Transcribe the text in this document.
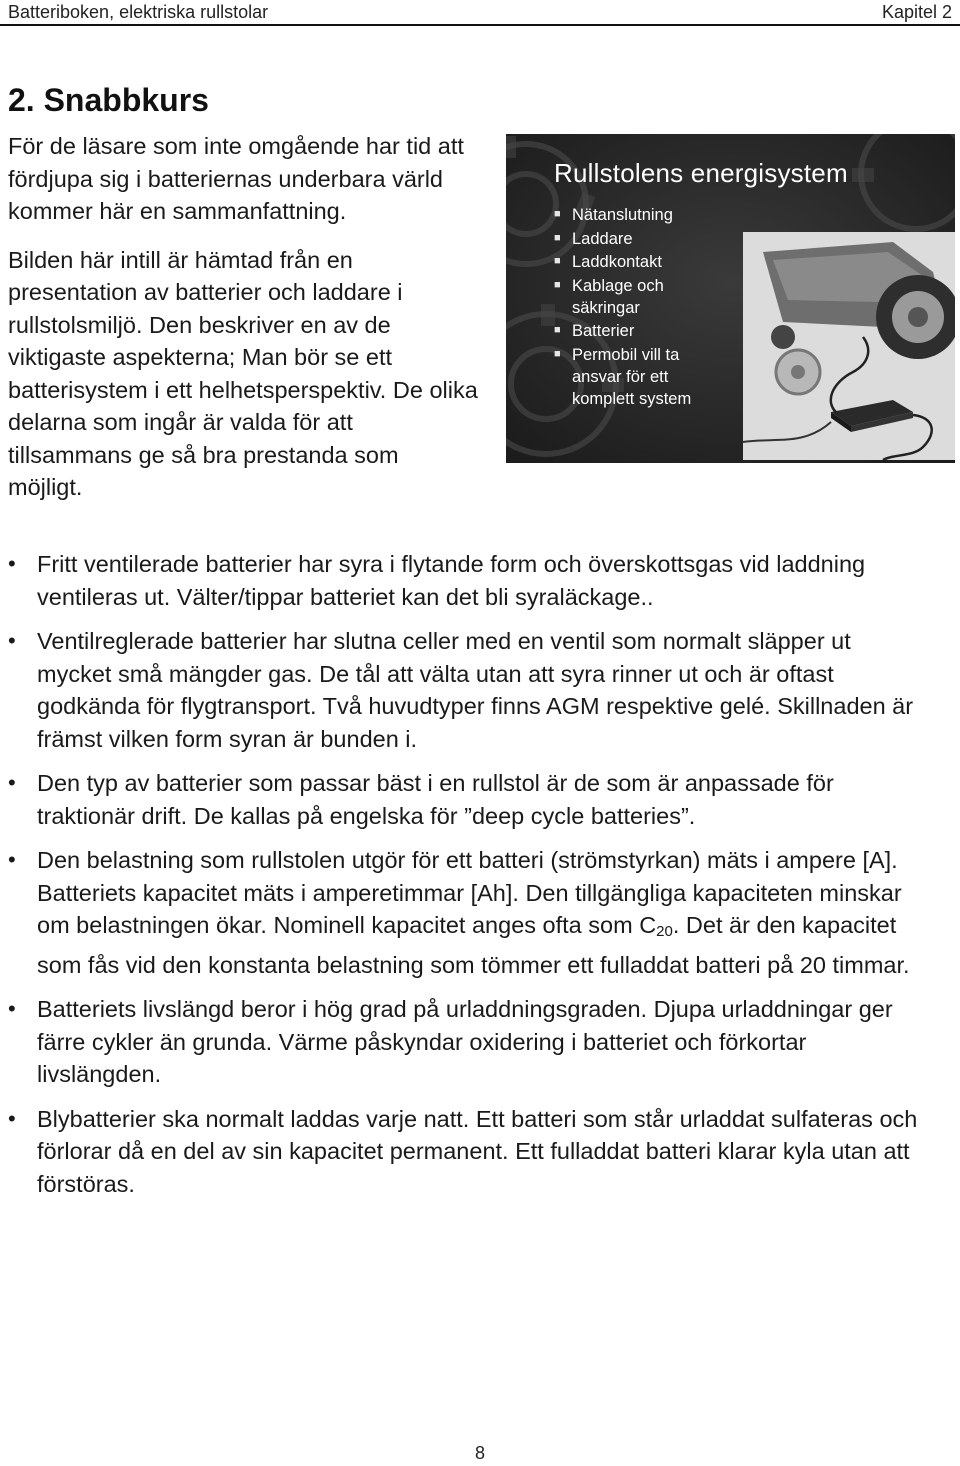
Batteriboken, elektriska rullstolar	Kapitel 2
2. Snabbkurs

För de läsare som inte omgående har tid att fördjupa sig i batteriernas underbara värld kommer här en sammanfattning.

Bilden här intill är hämtad från en presentation av batterier och laddare i rullstolsmiljö. Den beskriver en av de viktigaste aspekterna; Man bör se ett batterisystem i ett helhetsperspektiv. De olika delarna som ingår är valda för att tillsammans ge så bra prestanda som möjligt.

Rullstolens energisystem
■ Nätanslutning
■ Laddare
■ Laddkontakt
■ Kablage och säkringar
■ Batterier
■ Permobil vill ta ansvar för ett komplett system
• Fritt ventilerade batterier har syra i flytande form och överskottsgas vid laddning ventileras ut. Välter/tippar batteriet kan det bli syraläckage..
• Ventilreglerade batterier har slutna celler med en ventil som normalt släpper ut mycket små mängder gas. De tål att välta utan att syra rinner ut och är oftast godkända för flygtransport. Två huvudtyper finns AGM respektive gelé. Skillnaden är främst vilken form syran är bunden i.
• Den typ av batterier som passar bäst i en rullstol är de som är anpassade för traktionär drift. De kallas på engelska för ”deep cycle batteries”.
• Den belastning som rullstolen utgör för ett batteri (strömstyrkan) mäts i ampere [A]. Batteriets kapacitet mäts i amperetimmar [Ah]. Den tillgängliga kapaciteten minskar om belastningen ökar. Nominell kapacitet anges ofta som $C_{20}$. Det är den kapacitet som fås vid den konstanta belastning som tömmer ett fulladdat batteri på 20 timmar.
• Batteriets livslängd beror i hög grad på urladdningsgraden. Djupa urladdningar ger färre cykler än grunda. Värme påskyndar oxidering i batteriet och förkortar livslängden.
• Blybatterier ska normalt laddas varje natt. Ett batteri som står urladdat sulfateras och förlorar då en del av sin kapacitet permanent. Ett fulladdat batteri klarar kyla utan att förstöras.
8
